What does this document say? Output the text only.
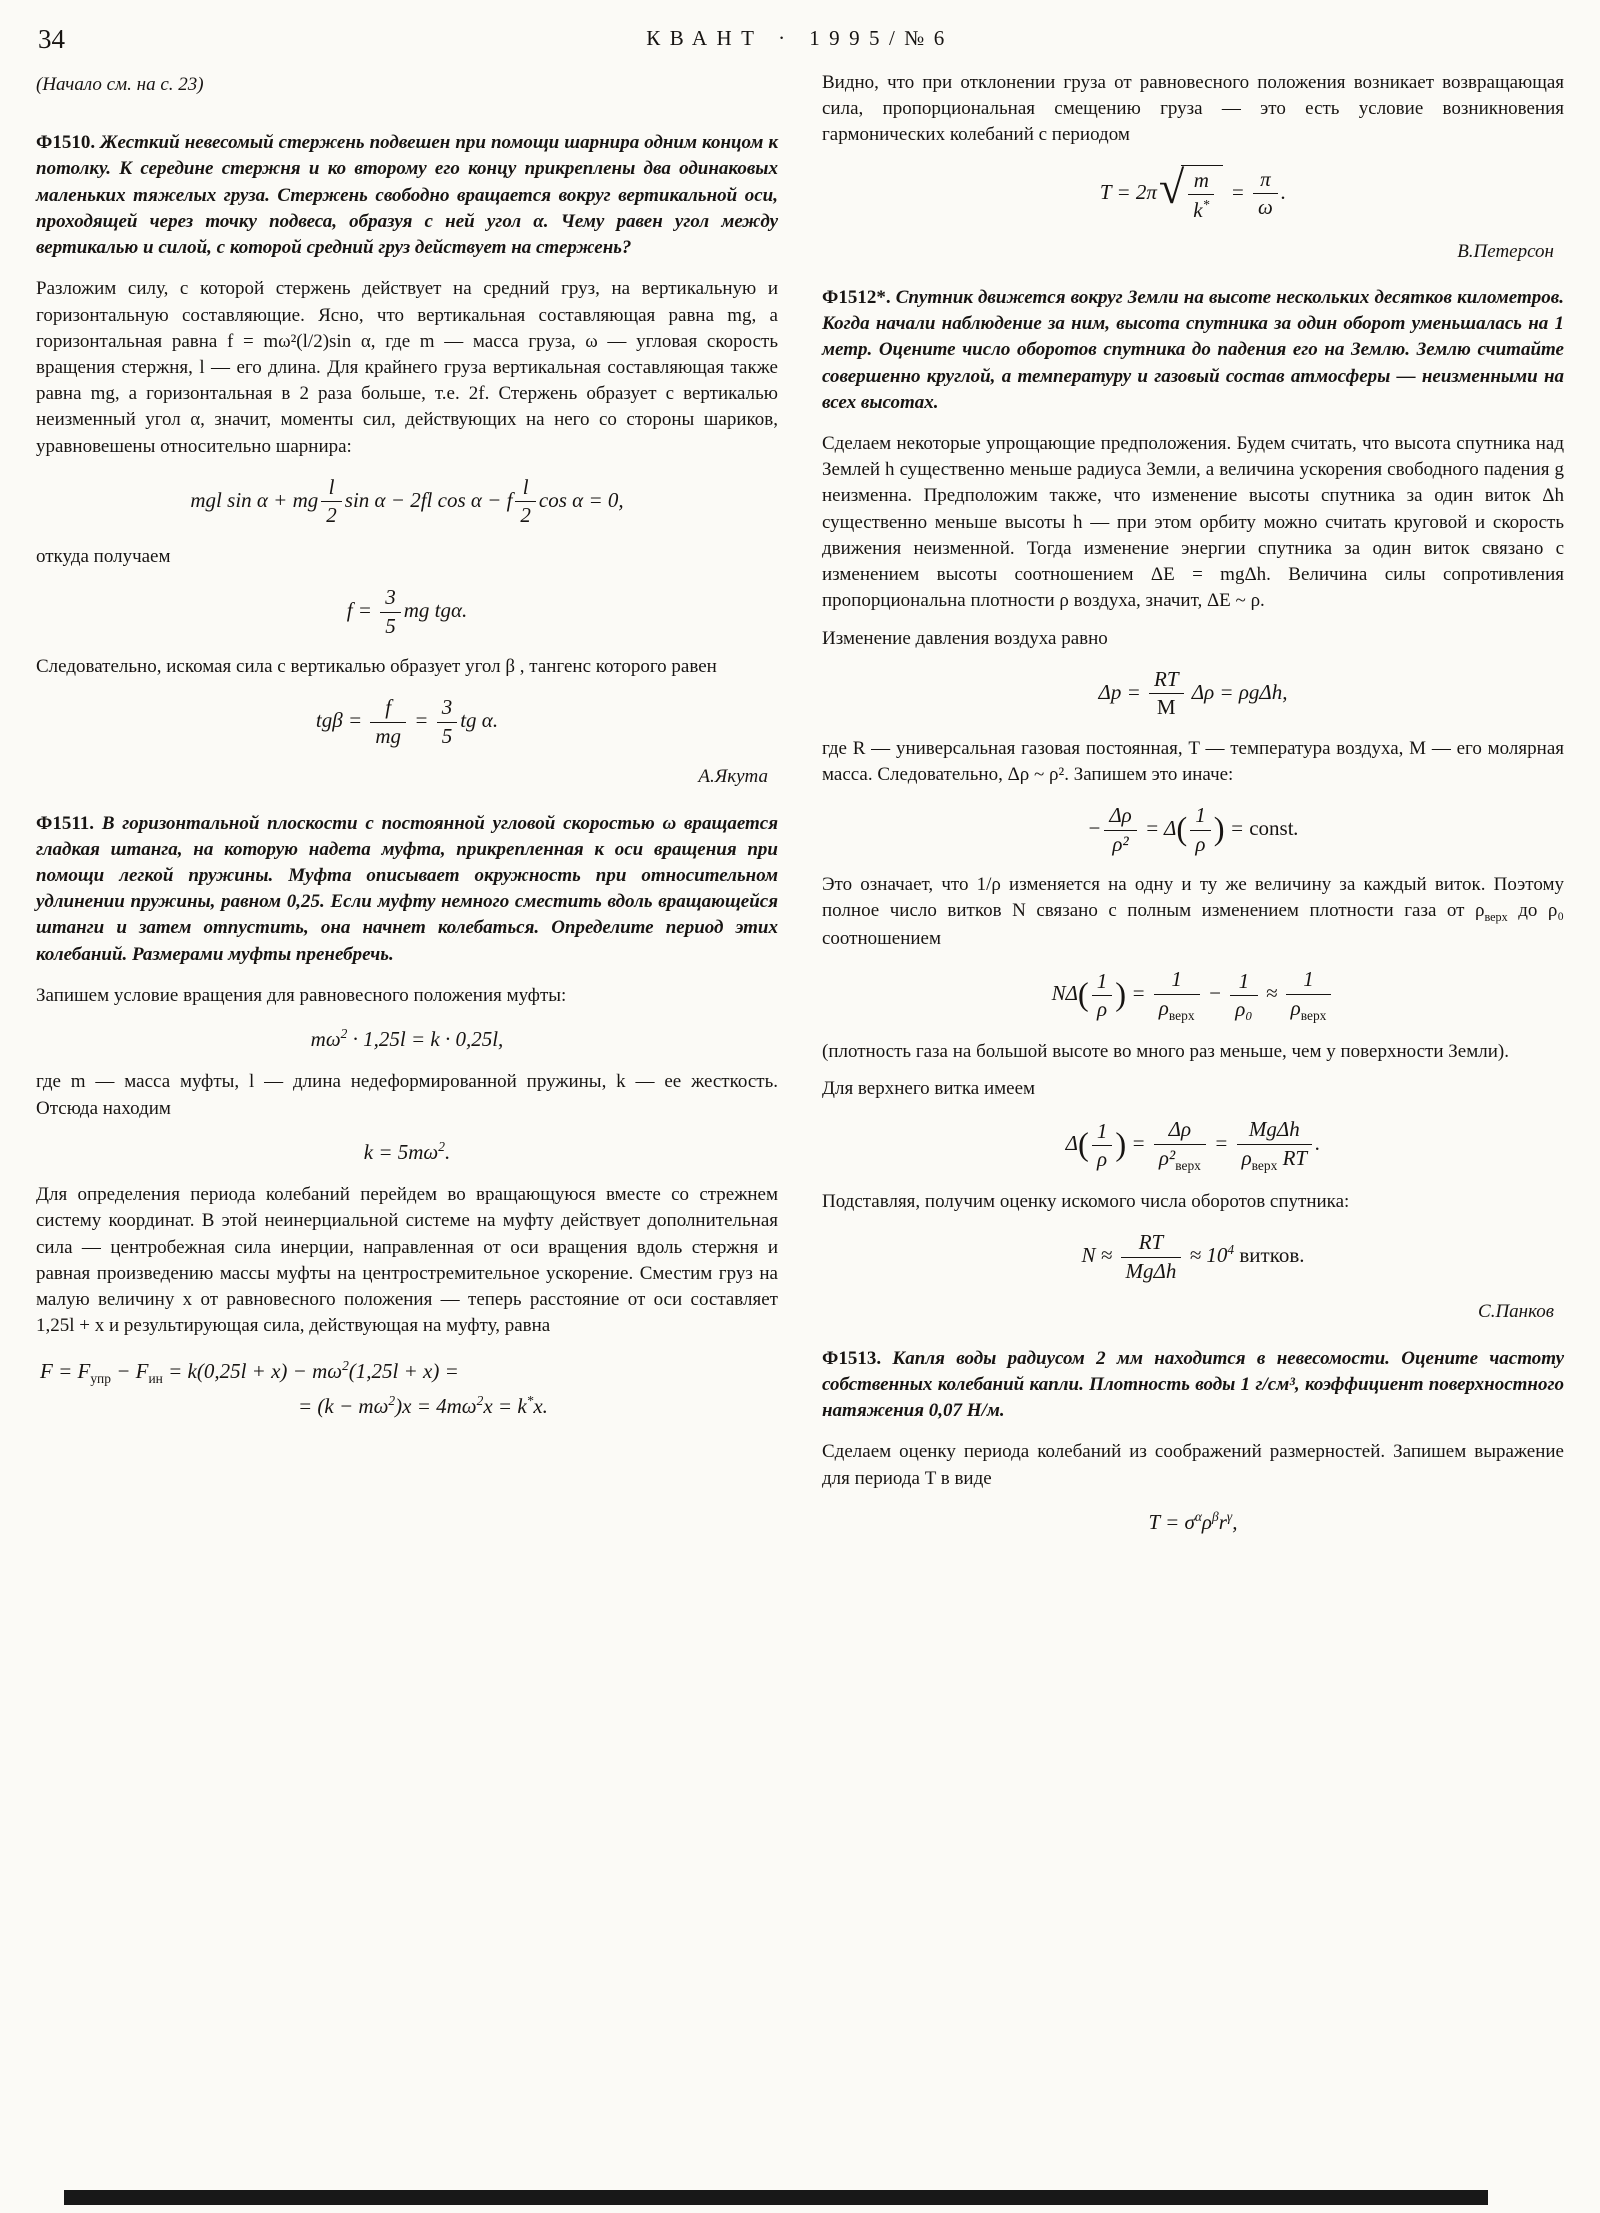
34	КВАНТ · 1995/№6

(Начало см. на с. 23)

Ф1510. Жесткий невесомый стержень подвешен при помощи шарнира одним концом к потолку. К середине стержня и ко второму его концу прикреплены два одинаковых маленьких тяжелых груза. Стержень свободно вращается вокруг вертикальной оси, проходящей через точку подвеса, образуя с ней угол α. Чему равен угол между вертикалью и силой, с которой средний груз действует на стержень?

Разложим силу, с которой стержень действует на средний груз, на вертикальную и горизонтальную составляющие. Ясно, что вертикальная составляющая равна mg, а горизонтальная равна f = mω²(l/2)sin α, где m — масса груза, ω — угловая скорость вращения стержня, l — его длина. Для крайнего груза вертикальная составляющая также равна mg, а горизонтальная в 2 раза больше, т.е. 2f. Стержень образует с вертикалью неизменный угол α, значит, моменты сил, действующих на него со стороны шариков, уравновешены относительно шарнира:

mgl sin α + mg $\frac{l}{2}$ sin α − 2fl cos α − f $\frac{l}{2}$ cos α = 0,

откуда получаем

$f = \frac{3}{5}$ mg tgα.

Следовательно, искомая сила с вертикалью образует угол β , тангенс которого равен

$tg\beta = \frac{f}{mg} = \frac{3}{5}$ tg α.

А.Якута

Ф1511. В горизонтальной плоскости с постоянной угловой скоростью ω вращается гладкая штанга, на которую надета муфта, прикрепленная к оси вращения при помощи легкой пружины. Муфта описывает окружность при относительном удлинении пружины, равном 0,25. Если муфту немного сместить вдоль вращающейся штанги и затем отпустить, она начнет колебаться. Определите период этих колебаний. Размерами муфты пренебречь.

Запишем условие вращения для равновесного положения муфты:

$m\omega^2 \cdot 1,25l = k \cdot 0,25l$,

где m — масса муфты, l — длина недеформированной пружины, k — ее жесткость. Отсюда находим

$k = 5m\omega^2$.

Для определения периода колебаний перейдем во вращающуюся вместе со стрежнем систему координат. В этой неинерциальной системе на муфту действует дополнительная сила — центробежная сила инерции, направленная от оси вращения вдоль стержня и равная произведению массы муфты на центростремительное ускорение. Сместим груз на малую величину x от равновесного положения — теперь расстояние от оси составляет 1,25l + x и результирующая сила, действующая на муфту, равна

$F = F_{упр} - F_{ин} = k(0,25l + x) - m\omega^2(1,25l + x)$ =
= $(k - m\omega^2)x = 4m\omega^2x = k^*x$.

Видно, что при отклонении груза от равновесного положения возникает возвращающая сила, пропорциональная смещению груза — это есть условие возникновения гармонических колебаний с периодом

T = 2π √ $\frac{m}{k^*} = \frac{\pi}{\omega}$ .

В.Петерсон

Ф1512*. Спутник движется вокруг Земли на высоте нескольких десятков километров. Когда начали наблюдение за ним, высота спутника за один оборот уменьшалась на 1 метр. Оцените число оборотов спутника до падения его на Землю. Землю считайте совершенно круглой, а температуру и газовый состав атмосферы — неизменными на всех высотах.

Сделаем некоторые упрощающие предположения. Будем считать, что высота спутника над Землей h существенно меньше радиуса Земли, а величина ускорения свободного падения g неизменна. Предположим также, что изменение высоты спутника за один виток Δh существенно меньше высоты h — при этом орбиту можно считать круговой и скорость движения неизменной. Тогда изменение энергии спутника за один виток связано с изменением высоты соотношением ΔE = mgΔh. Величина силы сопротивления пропорциональна плотности ρ воздуха, значит, ΔE ~ ρ.

Изменение давления воздуха равно

$\Delta p = \frac{RT}{М}$ Δρ = ρgΔh,

где R — универсальная газовая постоянная, T — температура воздуха, М — его молярная масса. Следовательно, Δρ ~ ρ². Запишем это иначе:

− $\frac{\Delta\rho}{\text{ρ²}} = \Delta( \frac{1}{\rho}$ ) = const.

Это означает, что 1/ρ изменяется на одну и ту же величину за каждый виток. Поэтому полное число витков N связано с полным изменением плотности газа от $\rho_{верх}$ до ρ₀ соотношением

$N\Delta( \frac{1}{\rho}$ ) = $\frac{1}{\rho_{верх}} - \frac{1}{\text{ρ₀}} \approx \frac{1}{\rho_{верх}}$

(плотность газа на большой высоте во много раз меньше, чем у поверхности Земли).

Для верхнего витка имеем

$\Delta( \frac{1}{\rho}$ ) = $\frac{\Delta\rho}{\rho^2_{верх}} = \frac{\text{MgΔh}}{\rho_{верх} RT}$ .

Подставляя, получим оценку искомого числа оборотов спутника:

$N \approx \frac{RT}{\text{MgΔh}} \approx 10^4$ витков.

С.Панков

Ф1513. Капля воды радиусом 2 мм находится в невесомости. Оцените частоту собственных колебаний капли. Плотность воды 1 г/см³, коэффициент поверхностного натяжения 0,07 Н/м.

Сделаем оценку периода колебаний из соображений размерностей. Запишем выражение для периода T в виде

$T = \sigma^\alpha\rho^\beta r^\gamma$,
